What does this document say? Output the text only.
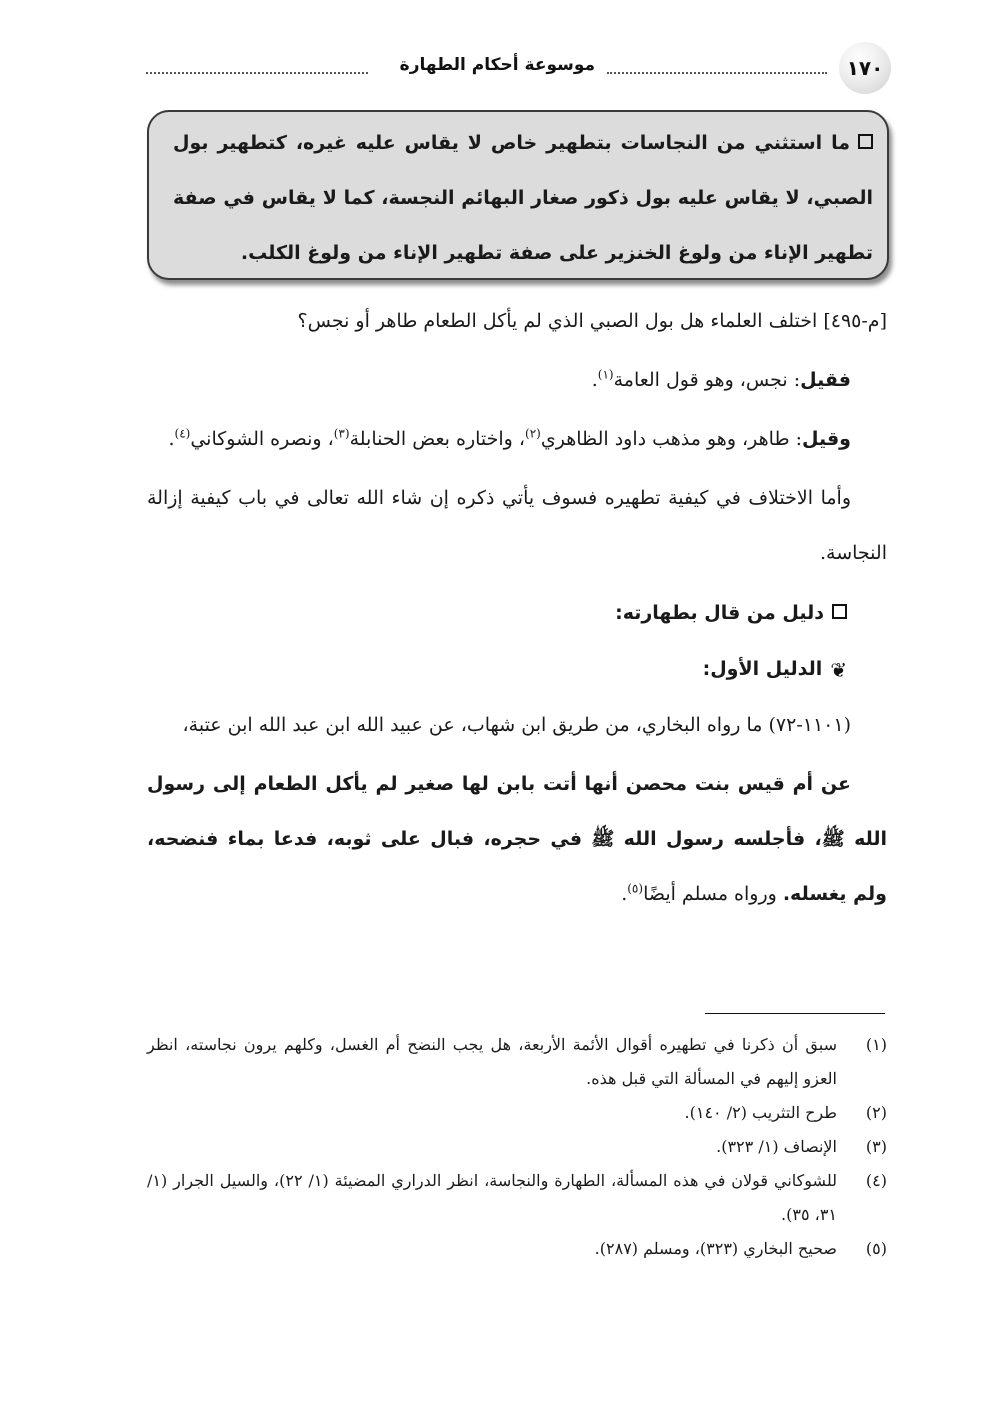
١٧٠
موسوعة أحكام الطهارة

ما استثني من النجاسات بتطهير خاص لا يقاس عليه غيره، كتطهير بول الصبي، لا يقاس عليه بول ذكور صغار البهائم النجسة، كما لا يقاس في صفة تطهير الإناء من ولوغ الخنزير على صفة تطهير الإناء من ولوغ الكلب.

[م-٤٩٥] اختلف العلماء هل بول الصبي الذي لم يأكل الطعام طاهر أو نجس؟

فقيل: نجس، وهو قول العامة$^{(١)}$.

وقيل: طاهر، وهو مذهب داود الظاهري$^{(٢)}$، واختاره بعض الحنابلة$^{(٣)}$، ونصره الشوكاني$^{(٤)}$.

وأما الاختلاف في كيفية تطهيره فسوف يأتي ذكره إن شاء الله تعالى في باب كيفية إزالة النجاسة.

دليل من قال بطهارته:

❦الدليل الأول:

(١١٠١-٧٢) ما رواه البخاري، من طريق ابن شهاب، عن عبيد الله ابن عبد الله ابن عتبة،

عن أم قيس بنت محصن أنها أتت بابن لها صغير لم يأكل الطعام إلى رسول الله ﷺ، فأجلسه رسول الله ﷺ في حجره، فبال على ثوبه، فدعا بماء فنضحه، ولم يغسله. ورواه مسلم أيضًا$^{(٥)}$.

(١)
سبق أن ذكرنا في تطهيره أقوال الأئمة الأربعة، هل يجب النضح أم الغسل، وكلهم يرون نجاسته، انظر العزو إليهم في المسألة التي قبل هذه.

(٢)
طرح التثريب (٢/ ١٤٠).

(٣)
الإنصاف (١/ ٣٢٣).

(٤)
للشوكاني قولان في هذه المسألة، الطهارة والنجاسة، انظر الدراري المضيئة (١/ ٢٢)، والسيل الجرار (١/ ٣١، ٣٥).

(٥)
صحيح البخاري (٣٢٣)، ومسلم (٢٨٧).
